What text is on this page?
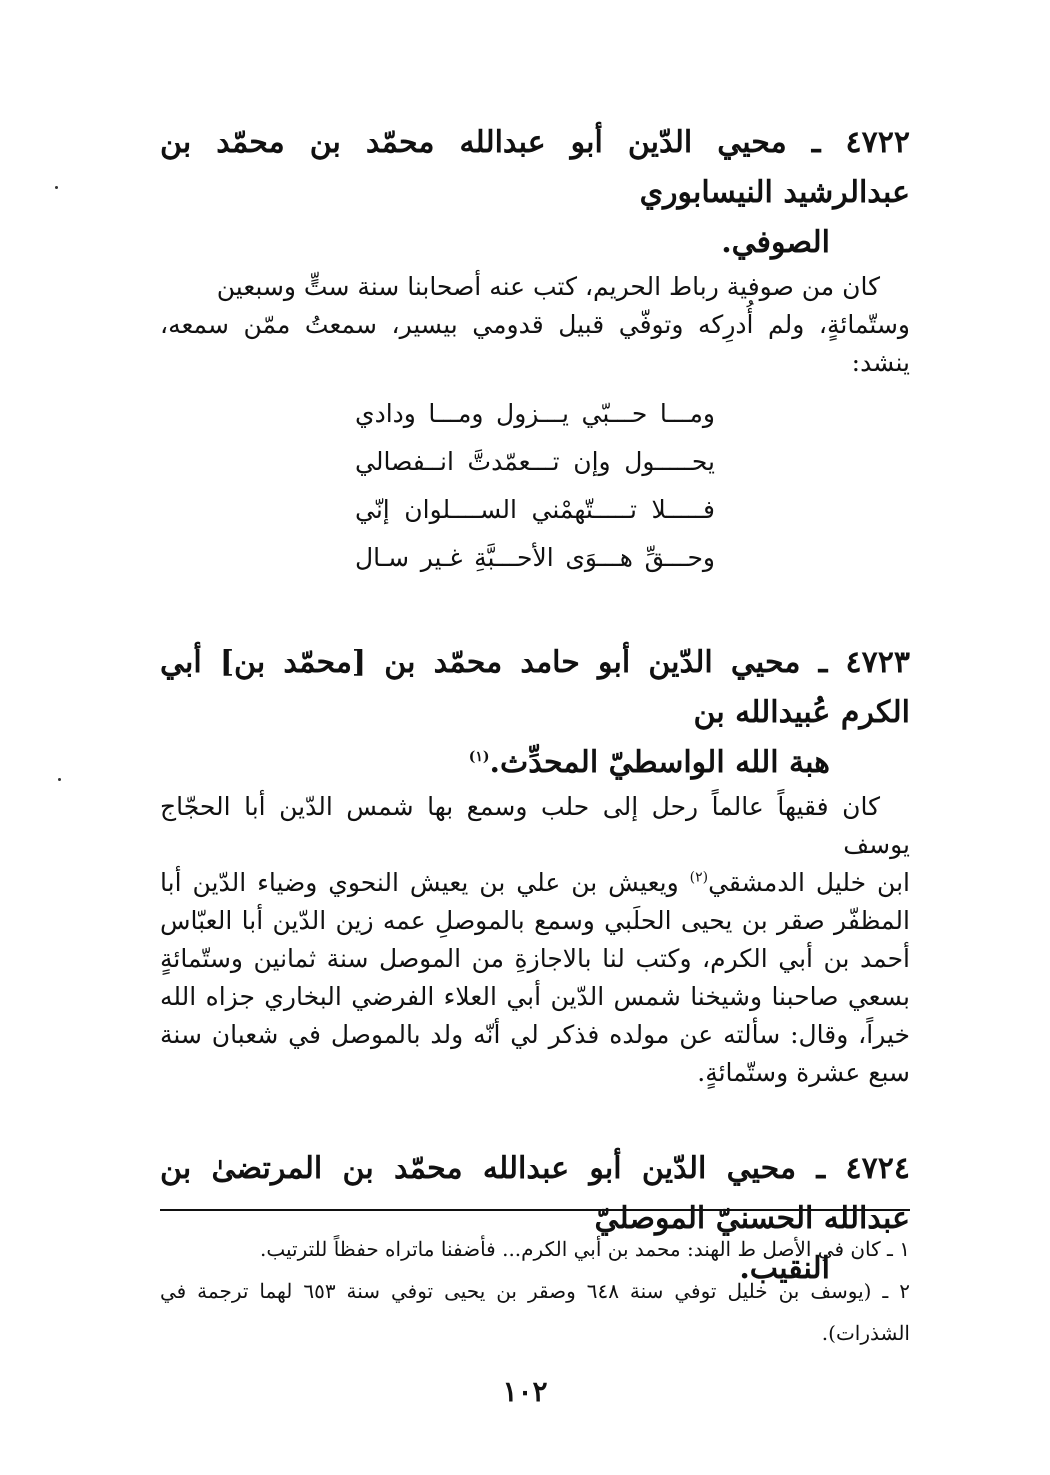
٤٧٢٢ ـ محيي الدّين أبو عبدالله محمّد بن محمّد بن عبدالرشيد النيسابوري
الصوفي.

كان من صوفية رباط الحريم، كتب عنه أصحابنا سنة ستٍّ وسبعين
وستّمائةٍ، ولم أُدرِكه وتوفّي قبيل قدومي بيسير، سمعتُ ممّن سمعه، ينشد:

ومـــا حـــبّي يـــزول ومـــا ودادي
يحـــــول وإن تـــعمّدتَّ انــفصالي
فـــــلا تـــــتّهمْني الســــلوان إنّي
وحـــقِّ هـــوَى الأحـــبَّةِ غـير سـال
٤٧٢٣ ـ محيي الدّين أبو حامد محمّد بن [محمّد بن] أبي الكرم عُبيدالله بن
هبة الله الواسطيّ المحدِّث.$^{(١)}$

كان فقيهاً عالماً رحل إلى حلب وسمع بها شمس الدّين أبا الحجّاج يوسف
ابن خليل الدمشقي$^{(٢)}$ ويعيش بن علي بن يعيش النحوي وضياء الدّين أبا المظفّر صقر بن يحيى الحلَبي وسمع بالموصلِ عمه زين الدّين أبا العبّاس أحمد بن أبي الكرم، وكتب لنا بالاجازةِ من الموصل سنة ثمانين وستّمائةٍ بسعي صاحبنا وشيخنا شمس الدّين أبي العلاء الفرضي البخاري جزاه الله خيراً، وقال: سألته عن مولده فذكر لي أنّه ولد بالموصل في شعبان سنة سبع عشرة وستّمائةٍ.

٤٧٢٤ ـ محيي الدّين أبو عبدالله محمّد بن المرتضىٰ بن عبدالله الحسنيّ الموصليّ
النقيب.

١ ـ كان في الأصل ط الهند: محمد بن أبي الكرم... فأضفنا ماتراه حفظاً للترتيب.

٢ ـ (يوسف بن خليل توفي سنة ٦٤٨ وصقر بن يحيى توفي سنة ٦٥٣ لهما ترجمة في الشذرات).

١٠٢
